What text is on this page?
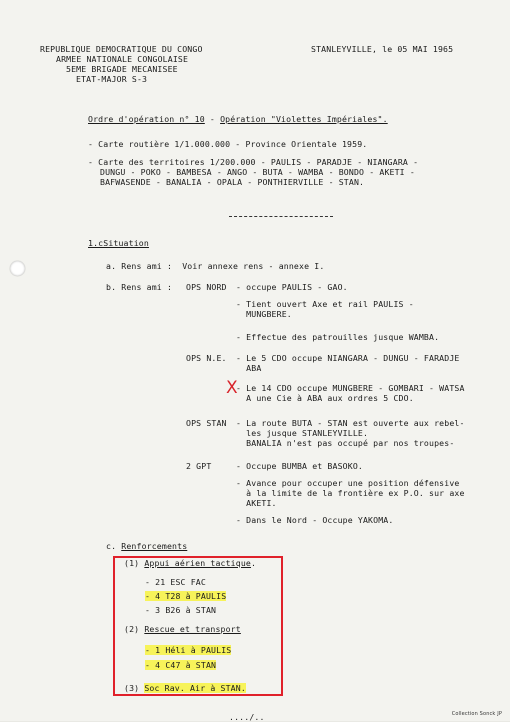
REPUBLIQUE DEMOCRATIQUE DU CONGO
ARMEE NATIONALE CONGOLAISE
5EME BRIGADE MECANISEE
ETAT-MAJOR S-3
STANLEYVILLE, le 05 MAI 1965
Ordre d'opération n° 10 - Opération "Violettes Impériales".
- Carte routière 1/1.000.000 - Province Orientale 1959.
- Carte des territoires 1/200.000 - PAULIS - PARADJE - NIANGARA -
DUNGU - POKO - BAMBESA - ANGO - BUTA - WAMBA - BONDO - AKETI -
BAFWASENDE - BANALIA - OPALA - PONTHIERVILLE - STAN.
1.cSituation
a. Rens ami :  Voir annexe rens - annexe I.
b. Rens ami : OPS NORD - occupe PAULIS - GAO.
- Tient ouvert Axe et rail PAULIS -
MUNGBERE.
- Effectue des patrouilles jusque WAMBA.
OPS N.E. - Le 5 CDO occupe NIANGARA - DUNGU - FARADJE
ABA
X
- Le 14 CDO occupe MUNGBERE - GOMBARI - WATSA
A une Cie à ABA aux ordres 5 CDO.
OPS STAN - La route BUTA - STAN est ouverte aux rebel-
les jusque STANLEYVILLE.
BANALIA n'est pas occupé par nos troupes-
2 GPT	- Occupe BUMBA et BASOKO.
- Avance pour occuper une position défensive
à la limite de la frontière ex P.O. sur axe
AKETI.
- Dans le Nord - Occupe YAKOMA.
c. Renforcements
(1) Appui aérien tactique.
- 21 ESC FAC
- 4 T28 à PAULIS
- 3 B26 à STAN
(2) Rescue et transport
- 1 Héli à PAULIS
- 4 C47 à STAN
(3) Soc Rav. Air à STAN.
..../..	Collection Sonck JP
